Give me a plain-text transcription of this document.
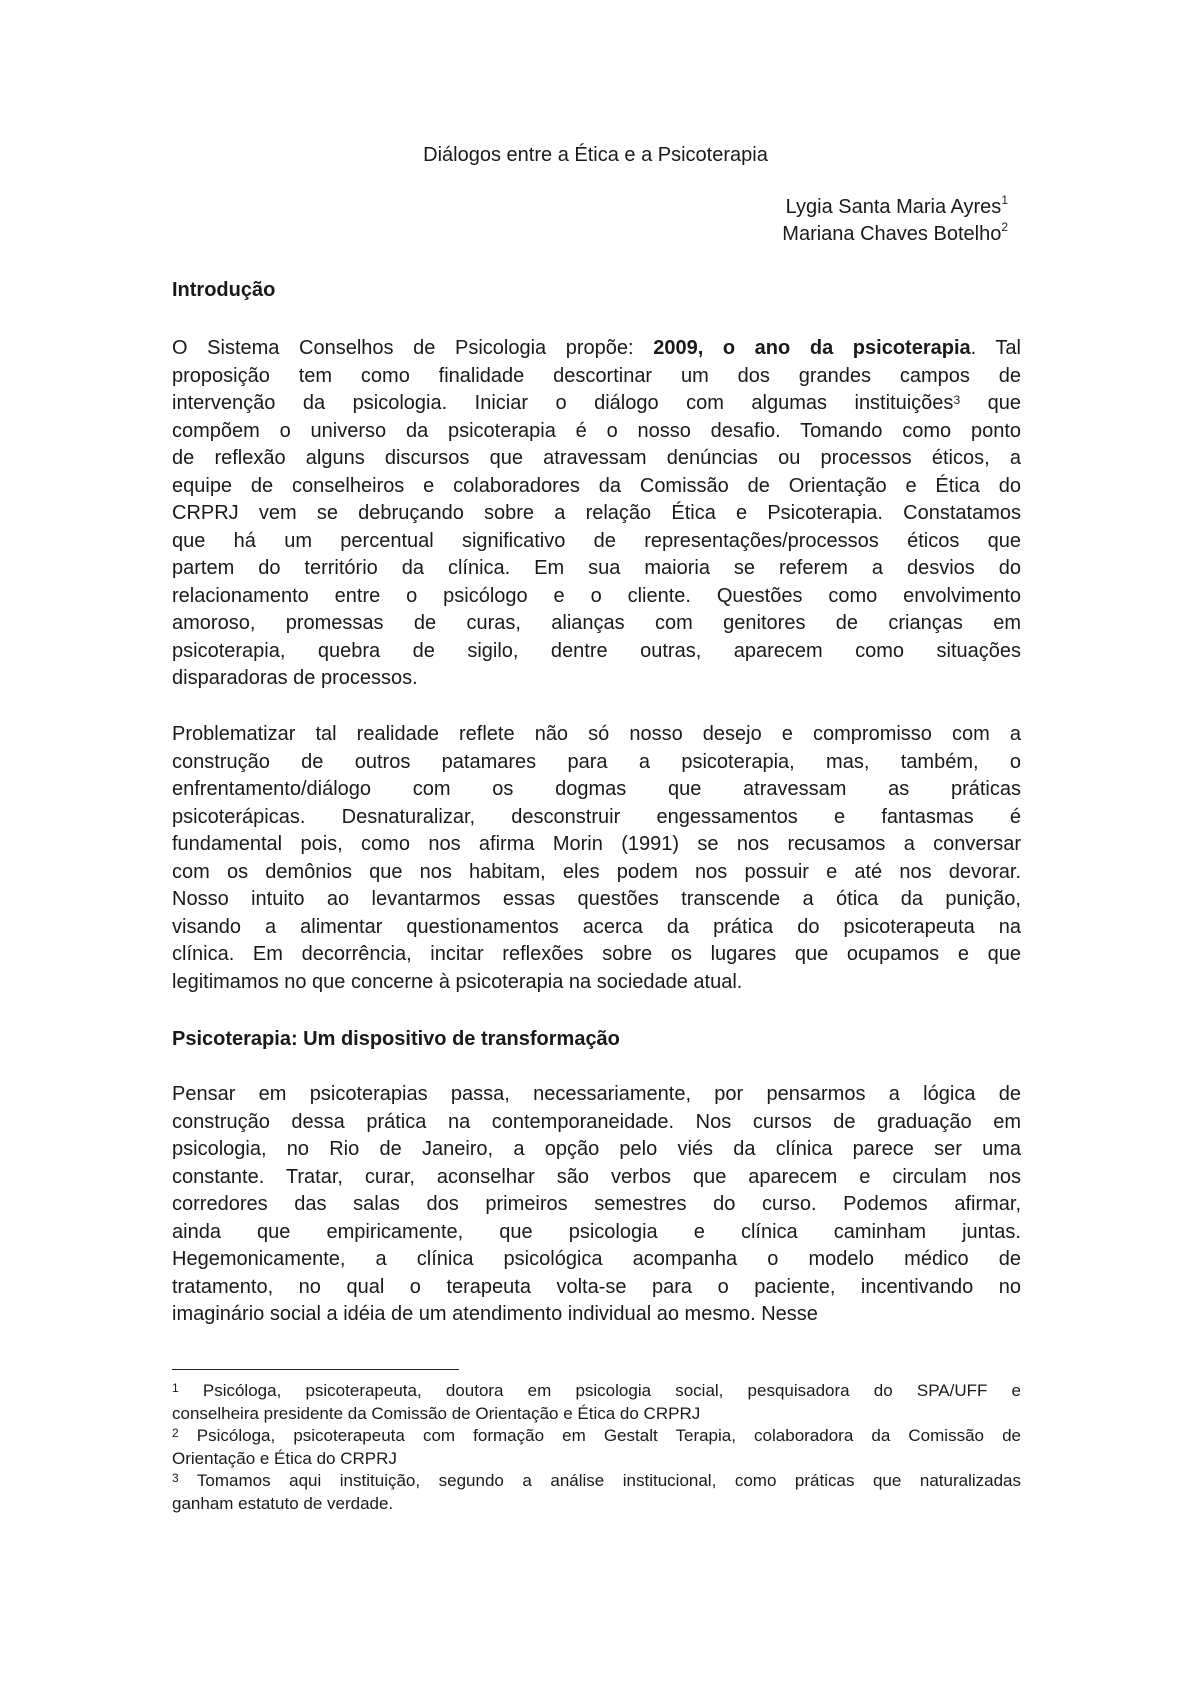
Diálogos entre a Ética e a Psicoterapia
Lygia Santa Maria Ayres$^1$
Mariana Chaves Botelho$^2$
Introdução
O Sistema Conselhos de Psicologia propõe: 2009, o ano da psicoterapia. Tal
proposição tem como finalidade descortinar um dos grandes campos de
intervenção da psicologia. Iniciar o diálogo com algumas instituições$^3$ que
compõem o universo da psicoterapia é o nosso desafio. Tomando como ponto
de reflexão alguns discursos que atravessam denúncias ou processos éticos, a
equipe de conselheiros e colaboradores da Comissão de Orientação e Ética do
CRPRJ vem se debruçando sobre a relação Ética e Psicoterapia. Constatamos
que há um percentual significativo de representações/processos éticos que
partem do território da clínica. Em sua maioria se referem a desvios do
relacionamento entre o psicólogo e o cliente. Questões como envolvimento
amoroso, promessas de curas, alianças com genitores de crianças em
psicoterapia, quebra de sigilo, dentre outras, aparecem como situações
disparadoras de processos.
Problematizar tal realidade reflete não só nosso desejo e compromisso com a
construção de outros patamares para a psicoterapia, mas, também, o
enfrentamento/diálogo com os dogmas que atravessam as práticas
psicoterápicas. Desnaturalizar, desconstruir engessamentos e fantasmas é
fundamental pois, como nos afirma Morin (1991) se nos recusamos a conversar
com os demônios que nos habitam, eles podem nos possuir e até nos devorar.
Nosso intuito ao levantarmos essas questões transcende a ótica da punição,
visando a alimentar questionamentos acerca da prática do psicoterapeuta na
clínica. Em decorrência, incitar reflexões sobre os lugares que ocupamos e que
legitimamos no que concerne à psicoterapia na sociedade atual.
Psicoterapia: Um dispositivo de transformação
Pensar em psicoterapias passa, necessariamente, por pensarmos a lógica de
construção dessa prática na contemporaneidade. Nos cursos de graduação em
psicologia, no Rio de Janeiro, a opção pelo viés da clínica parece ser uma
constante. Tratar, curar, aconselhar são verbos que aparecem e circulam nos
corredores das salas dos primeiros semestres do curso. Podemos afirmar,
ainda que empiricamente, que psicologia e clínica caminham juntas.
Hegemonicamente, a clínica psicológica acompanha o modelo médico de
tratamento, no qual o terapeuta volta-se para o paciente, incentivando no
imaginário social a idéia de um atendimento individual ao mesmo. Nesse
$^1$ Psicóloga, psicoterapeuta, doutora em psicologia social, pesquisadora do SPA/UFF e
conselheira presidente da Comissão de Orientação e Ética do CRPRJ
$^2$ Psicóloga, psicoterapeuta com formação em Gestalt Terapia, colaboradora da Comissão de
Orientação e Ética do CRPRJ
$^3$ Tomamos aqui instituição, segundo a análise institucional, como práticas que naturalizadas
ganham estatuto de verdade.
